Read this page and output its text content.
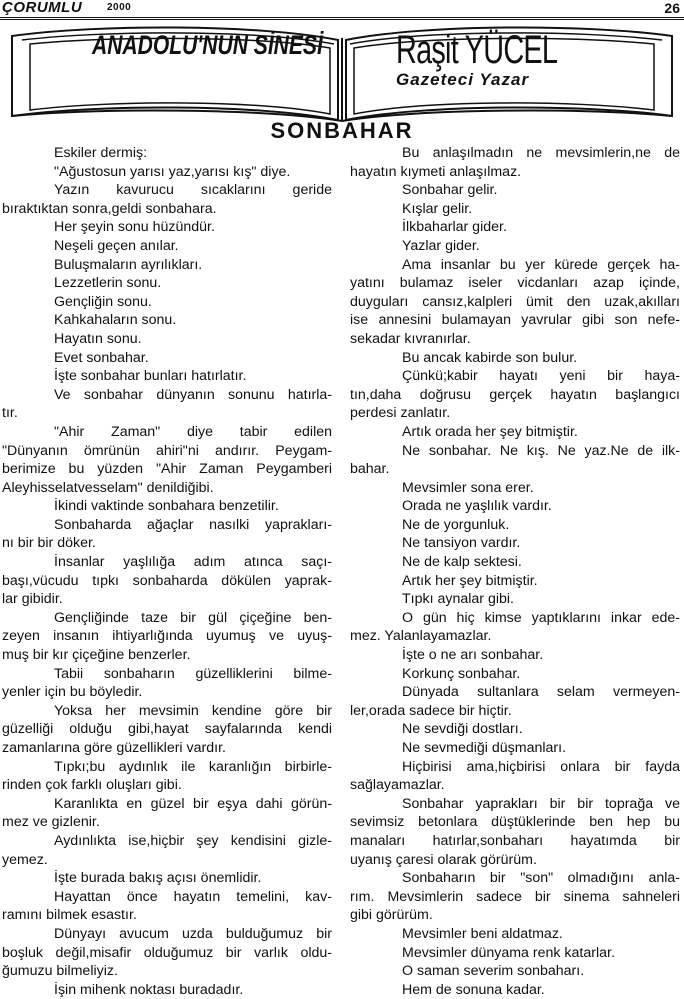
ÇORUMLU 2000	26
ANADOLU'NUN SİNESİ Raşit YÜCEL
Gazeteci Yazar
SONBAHAR
Eskiler dermiş:
"Ağustosun yarısı yaz,yarısı kış" diye.
Yazın kavurucu sıcaklarını geride
bıraktıktan sonra,geldi sonbahara.
Her şeyin sonu hüzündür.
Neşeli geçen anılar.
Buluşmaların ayrılıkları.
Lezzetlerin sonu.
Gençliğin sonu.
Kahkahaların sonu.
Hayatın sonu.
Evet sonbahar.
İşte sonbahar bunları hatırlatır.
Ve sonbahar dünyanın sonunu hatırla-
tır.
"Ahir Zaman" diye tabir edilen
"Dünyanın ömrünün ahiri"ni andırır. Peygam-
berimize bu yüzden "Ahir Zaman Peygamberi
Aleyhisselatvesselam" denildiğibi.
İkindi vaktinde sonbahara benzetilir.
Sonbaharda ağaçlar nasılki yaprakları-
nı bir bir döker.
İnsanlar yaşlılığa adım atınca saçı-
başı,vücudu tıpkı sonbaharda dökülen yaprak-
lar gibidir.
Gençliğinde taze bir gül çiçeğine ben-
zeyen insanın ihtiyarlığında uyumuş ve uyuş-
muş bir kır çiçeğine benzerler.
Tabii sonbaharın güzelliklerini bilme-
yenler için bu böyledir.
Yoksa her mevsimin kendine göre bir
güzelliği olduğu gibi,hayat sayfalarında kendi
zamanlarına göre güzellikleri vardır.
Tıpkı;bu aydınlık ile karanlığın birbirle-
rinden çok farklı oluşları gibi.
Karanlıkta en güzel bir eşya dahi görün-
mez ve gizlenir.
Aydınlıkta ise,hiçbir şey kendisini gizle-
yemez.
İşte burada bakış açısı önemlidir.
Hayattan önce hayatın temelini, kav-
ramını bilmek esastır.
Dünyayı avucum uzda bulduğumuz bir
boşluk değil,misafir olduğumuz bir varlık oldu-
ğumuzu bilmeliyiz.
İşin mihenk noktası buradadır.
Bu anlaşılmadın ne mevsimlerin,ne de
hayatın kıymeti anlaşılmaz.
Sonbahar gelir.
Kışlar gelir.
İlkbaharlar gider.
Yazlar gider.
Ama insanlar bu yer kürede gerçek ha-
yatını bulamaz iseler vicdanları azap içinde,
duyguları cansız,kalpleri ümit den uzak,akılları
ise annesini bulamayan yavrular gibi son nefe-
sekadar kıvranırlar.
Bu ancak kabirde son bulur.
Çünkü;kabir hayatı yeni bir haya-
tın,daha doğrusu gerçek hayatın başlangıcı
perdesi zanlatır.
Artık orada her şey bitmiştir.
Ne sonbahar. Ne kış. Ne yaz.Ne de ilk-
bahar.
Mevsimler sona erer.
Orada ne yaşlılık vardır.
Ne de yorgunluk.
Ne tansiyon vardır.
Ne de kalp sektesi.
Artık her şey bitmiştir.
Tıpkı aynalar gibi.
O gün hiç kimse yaptıklarını inkar ede-
mez. Yalanlayamazlar.
İşte o ne arı sonbahar.
Korkunç sonbahar.
Dünyada sultanlara selam vermeyen-
ler,orada sadece bir hiçtir.
Ne sevdiği dostları.
Ne sevmediği düşmanları.
Hiçbirisi ama,hiçbirisi onlara bir fayda
sağlayamazlar.
Sonbahar yaprakları bir bir toprağa ve
sevimsiz betonlara düştüklerinde ben hep bu
manaları hatırlar,sonbaharı hayatımda bir
uyanış çaresi olarak görürüm.
Sonbaharın bir "son" olmadığını anla-
rım. Mevsimlerin sadece bir sinema sahneleri
gibi görürüm.
Mevsimler beni aldatmaz.
Mevsimler dünyama renk katarlar.
O saman severim sonbaharı.
Hem de sonuna kadar.
